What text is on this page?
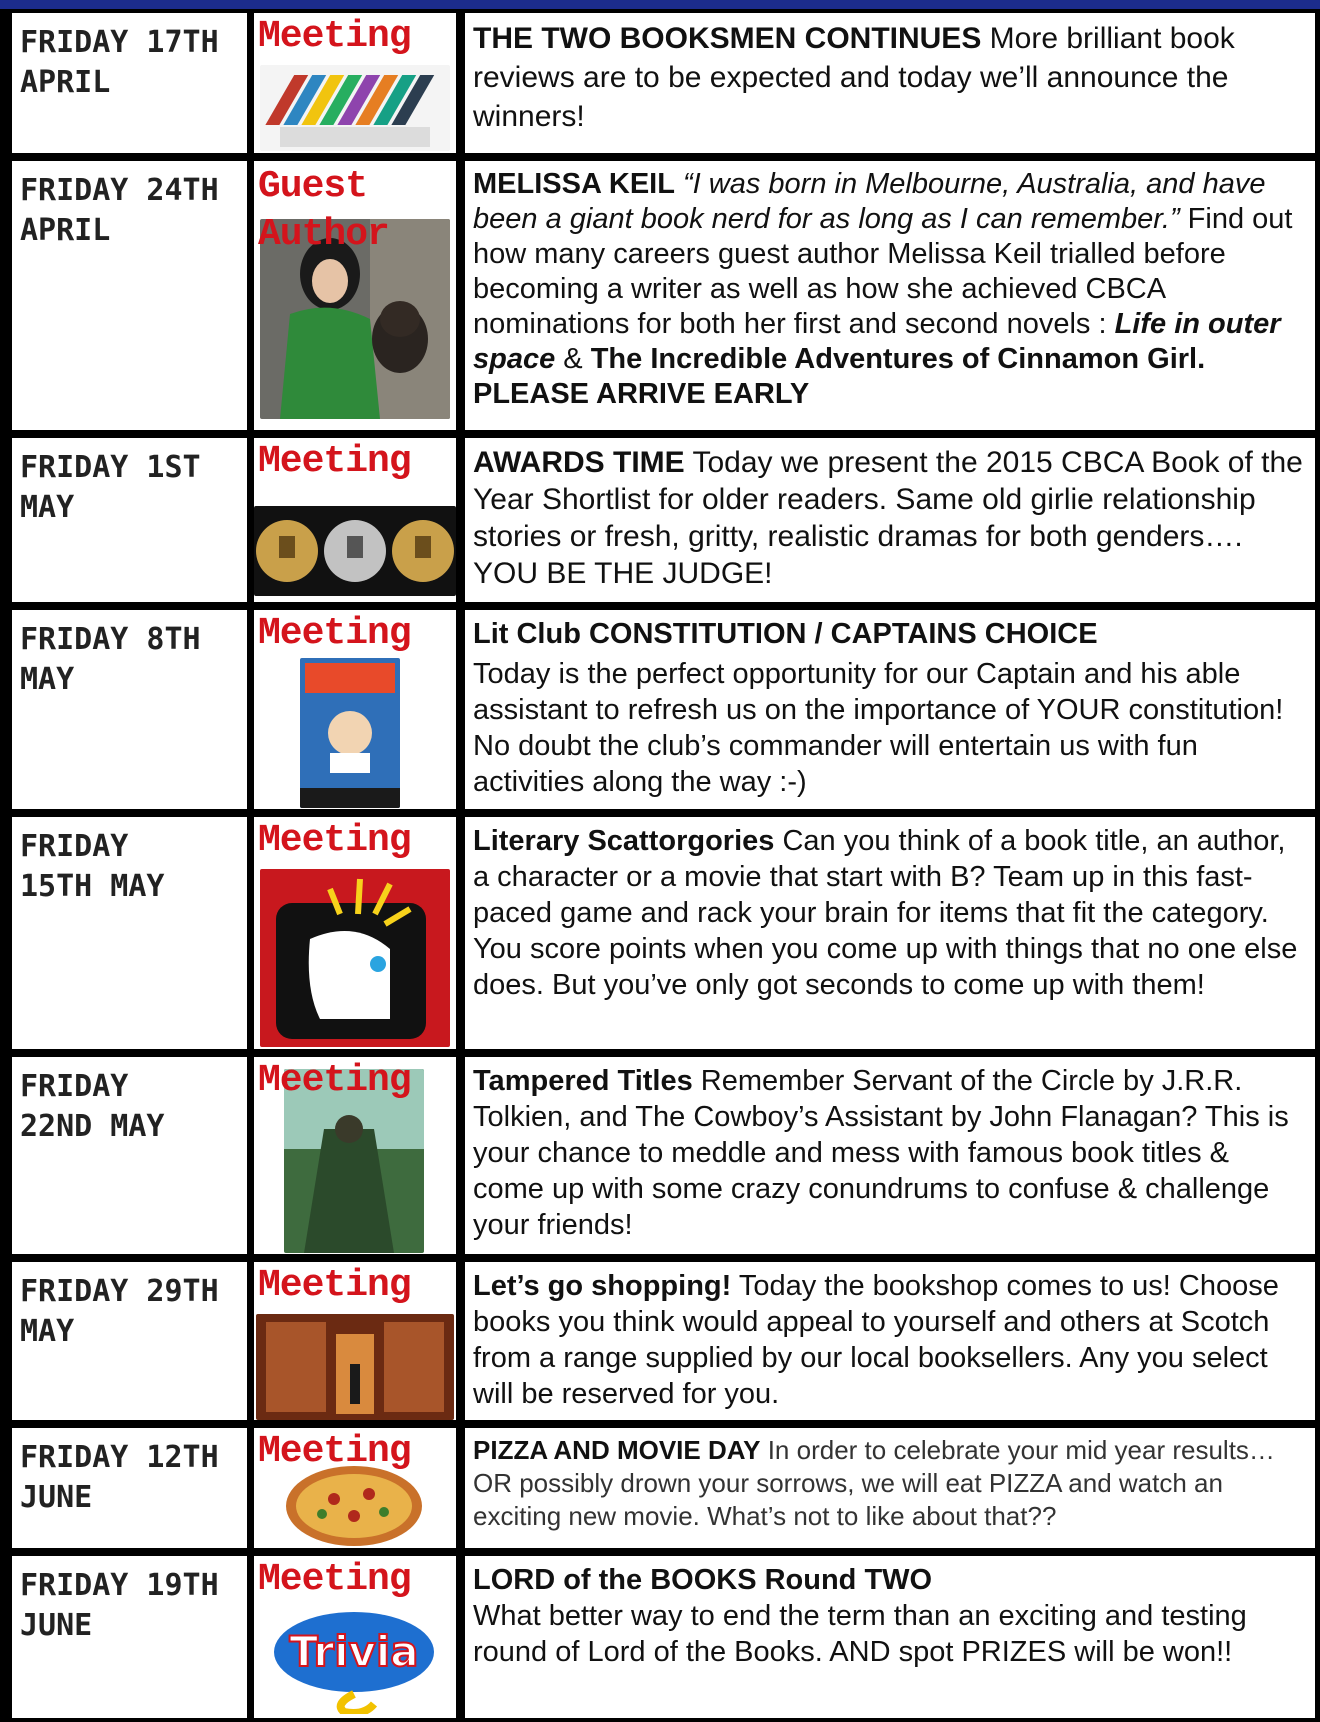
FRIDAY 17TH
APRIL
Meeting THE TWO BOOKSMEN CONTINUES More brilliant book reviews are to be expected and today we’ll announce the winners!
FRIDAY 24TH
APRIL
Guest Author
MELISSA KEIL “I was born in Melbourne, Australia, and have been a giant book nerd for as long as I can remember.” Find out how many careers guest author Melissa Keil trialled before becoming a writer as well as how she achieved CBCA nominations for both her first and second novels : Life in outer space & The Incredible Adventures of Cinnamon Girl. PLEASE ARRIVE EARLY
FRIDAY 1ST
MAY
Meeting AWARDS TIME Today we present the 2015 CBCA Book of the Year Shortlist for older readers. Same old girlie relationship stories or fresh, gritty, realistic dramas for both genders…. YOU BE THE JUDGE!
FRIDAY 8TH
MAY
Meeting Lit Club CONSTITUTION / CAPTAINS CHOICE
Today is the perfect opportunity for our Captain and his able assistant to refresh us on the importance of YOUR constitution! No doubt the club’s commander will entertain us with fun activities along the way :-)
FRIDAY
15TH MAY
Meeting Literary Scattorgories Can you think of a book title, an author, a character or a movie that start with B? Team up in this fast-paced game and rack your brain for items that fit the category. You score points when you come up with things that no one else does. But you’ve only got seconds to come up with them!
FRIDAY
22ND MAY
Meeting Tampered Titles Remember Servant of the Circle by J.R.R. Tolkien, and The Cowboy’s Assistant by John Flanagan? This is your chance to meddle and mess with famous book titles & come up with some crazy conundrums to confuse & challenge your friends!
FRIDAY 29TH
MAY
Meeting Let’s go shopping! Today the bookshop comes to us! Choose books you think would appeal to yourself and others at Scotch from a range supplied by our local booksellers. Any you select will be reserved for you.
FRIDAY 12TH
JUNE
Meeting	PIZZA AND MOVIE DAY In order to celebrate your mid year results… OR possibly drown your sorrows, we will eat PIZZA and watch an exciting new movie. What’s not to like about that??
FRIDAY 19TH
JUNE
Meeting
Trivia
LORD of the BOOKS Round TWO
What better way to end the term than an exciting and testing round of Lord of the Books. AND spot PRIZES will be won!!
